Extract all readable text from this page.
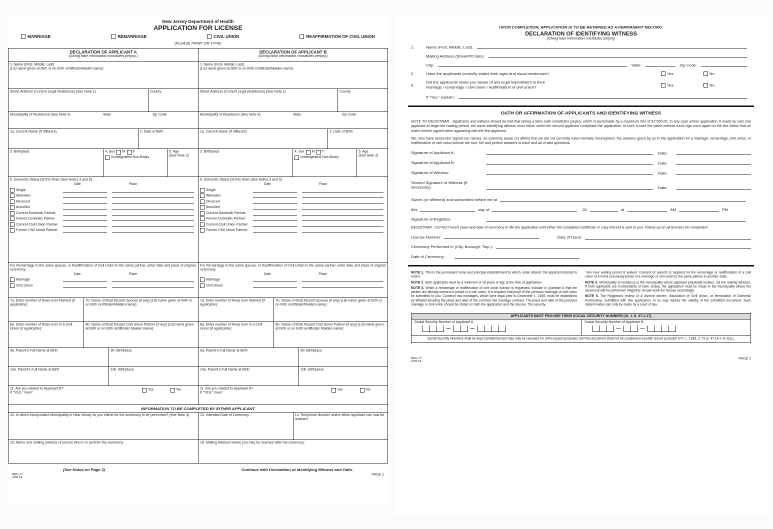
New Jersey Department of Health
APPLICATION FOR LICENSE
MARRIAGE	REMARRIAGE	CIVIL UNION	REAFFIRMATION OF CIVIL UNION
(PLEASE PRINT OR TYPE)
DECLARATION OF APPLICANT A
(Giving false information constitutes perjury.)
1. Name (First, Middle, Last)
(List name given at birth or on birth certificate/Maiden name)
Street Address (Current Legal Residence) (See Note 1)	County
Municipality of Residence (See Note 4)	State	Zip Code
1a. Current Name (If different)	2. Date of Birth
3. Birthplace	4. Sex M F
Undesignated/ Non-Binary
5. Age
(See Note 2)
6. Domestic Status (at this time) (See Notes 3 and 5)
Date	Place
Single
Widowed
Divorced
Annulled
Current Domestic Partner
Former Domestic Partner
Current Civil Union Partner
Former Civil Union Partner
For Remarriage to the same spouse, or Reaffirmation of Civil Union to the same partner, enter date and place of original ceremony:
Date	Place
Marriage
Civil Union
7a. Enter number of times ever Married (if applicable):
7b. Name of Most Recent Spouse (if any) (List name given at birth or on birth certificate/Maiden name):
8a. Enter number of times ever in a Civil Union (if applicable):
8b. Name of Most Recent Civil Union Partner (if any) (List name given at birth or on birth certificate/ Maiden name):
9a. Parent's Full Name at Birth	9b. Birthplace
10a. Parent's Full Name at Birth	10b. Birthplace
11. Are you related to Applicant B?
If "YES," how?
Yes	No
DECLARATION OF APPLICANT B
(Giving false information constitutes perjury.)
1. Name (First, Middle, Last)
(List name given at birth or on birth certificate/Maiden name)
Street Address (Current Legal Residence) (See Note 1)	County
Municipality of Residence (See Note 4)	State	Zip Code
1a. Current Name (If different)	2. Date of Birth
3. Birthplace	4. Sex M F
Undesignated/ Non-Binary
5. Age
(See Note 2)
6. Domestic Status (at this time) (See Notes 3 and 5)
Date	Place
Single
Widowed
Divorced
Annulled
Current Domestic Partner
Former Domestic Partner
Current Civil Union Partner
Former Civil Union Partner
For Remarriage to the same spouse, or Reaffirmation of Civil Union to the same partner, enter date and place of original ceremony:
Date	Place
Marriage
Civil Union
7a. Enter number of times ever Married (if applicable):
7b. Name of Most Recent Spouse (if any) (List name given at birth or on birth certificate/Maiden name):
8a. Enter number of times ever in a Civil Union (if applicable):
8b. Name of Most Recent Civil Union Partner (if any) (List name given at birth or on birth certificate/ Maiden name):
9a. Parent's Full Name at Birth	9b. Birthplace
10a. Parent's Full Name at Birth	10b. Birthplace
11. Are you related to Applicant A?
If "YES," how?
Yes	No
INFORMATION TO BE COMPLETED BY EITHER APPLICANT
12. In which Incorporated Municipality in New Jersey do you intend for the ceremony to be performed? (See Note 4)	13. Intended Date of Ceremony	14. Telephone Number where either applicant can now be reached:
15. Name and mailing address of person who is to perform the ceremony:	16. Mailing Address where you may be reached after the ceremony:
(See Notes on Page 2)	Continue with Declaration of Identifying Witness and Oath.
REG-77
APR 19
PAGE 1
UPON COMPLETION, APPLICATION IS TO BE RETAINED AS A PERMANENT RECORD.
DECLARATION OF IDENTIFYING WITNESS
(Giving false information constitutes perjury)
1.	Name (First, Middle, Last):
Mailing Address (Street/PO Box):
City:	State:	Zip Code:
2.	Have the applicants correctly stated their ages and usual residences?	Yes	No
3.
Did the applicants make you aware of any legal impediment to their
marriage / remarriage / civil union / reaffirmation of civil union?	Yes	No
If "Yes," explain:
OATH OR AFFIRMATION OF APPLICANTS AND IDENTIFYING WITNESS

NOTE TO REGISTRAR - Applicants and witness should be told that taking a false oath constitutes perjury, which is punishable by a maximum fine of $7,500.00. In any case where application is made by only one applicant to begin the waiting period, the same identifying witness must return when the second applicant completes the application. In such a case the same witness must sign once again on the line below that on which he/she signed when appearing with the first applicant.

We, who have hereunder signed our names, do solemnly swear (or affirm) that we are not currently ruled mentally incompetent; the answers given by us in this application for a marriage, remarriage, civil union, or reaffirmation of civil union license are true, full and perfect answers to each and all of said questions.

Signature of Applicant A:	Date:
Signature of Applicant B:	Date:
Signature of Witness:	Date:
Second Signature of Witness (if necessary):	Date:
Sworn (or affirmed) and subscribed before me at
this	day of	, 20	at	AM	PM
Signature of Registrar:

REGISTRAR - DO NOT insert place and date of ceremony or file the application until either the completed certificate or copy thereof is sent to you. Follow-up on all licenses for completion.

License Number:	Date of Issue:
Ceremony Performed in (City, Borough, Twp.):
Date of Ceremony:

NOTE 1. This is the permanent home and principal establishment to which, when absent, the applicant intends to return.

NOTE 2. Both applicants must be a minimum of 18 years of age at the time of application.

NOTE 3. When a remarriage or reaffirmation of civil union license is requested, indicate in Question 6 that the parties are already married or joined in a civil union. It is required that proof of the previous marriage or civil union be submitted to you. Common law marriages, which were legal prior to December 1, 1939, must be established by affidavit showing the place and date of the common law marriage contract. The place and date of the previous marriage or civil union should be stated on both the application and the license. The seventy-

two hour waiting period is waived. Consent of parents is required for the remarriage or reaffirmation of a civil union of a minor previously joined in a marriage or civil union to the same partner in another state.

NOTE 4. Municipality of residence is the municipality where applicant physically resides, not the mailing address. If both applicants are nonresidents of New Jersey, the application must be made in the municipality where the ceremony will be performed. Registrar should mark the license accordingly.

NOTE 5. The Registrar's review of a divorce decree, dissolution of Civil Union, or termination of Domestic Partnership, submitted with this application, in no way implies the validity of the submitted document. Such determination can only be made by a court of law.

APPLICANTS MUST PROVIDE THEIR SOCIAL SECURITY NUMBERS (N. J. S. 37:1-17)
Social Security Number of Applicant A	Social Security Number of Applicant B
Social Security Numbers shall be kept confidential and may only be released for child support purposes and this document shall not be considered a public record pursuant to P. L. 1983, C.73 (C.47:1A-1 et seq.).
REG-77
APR 19
PAGE 2
